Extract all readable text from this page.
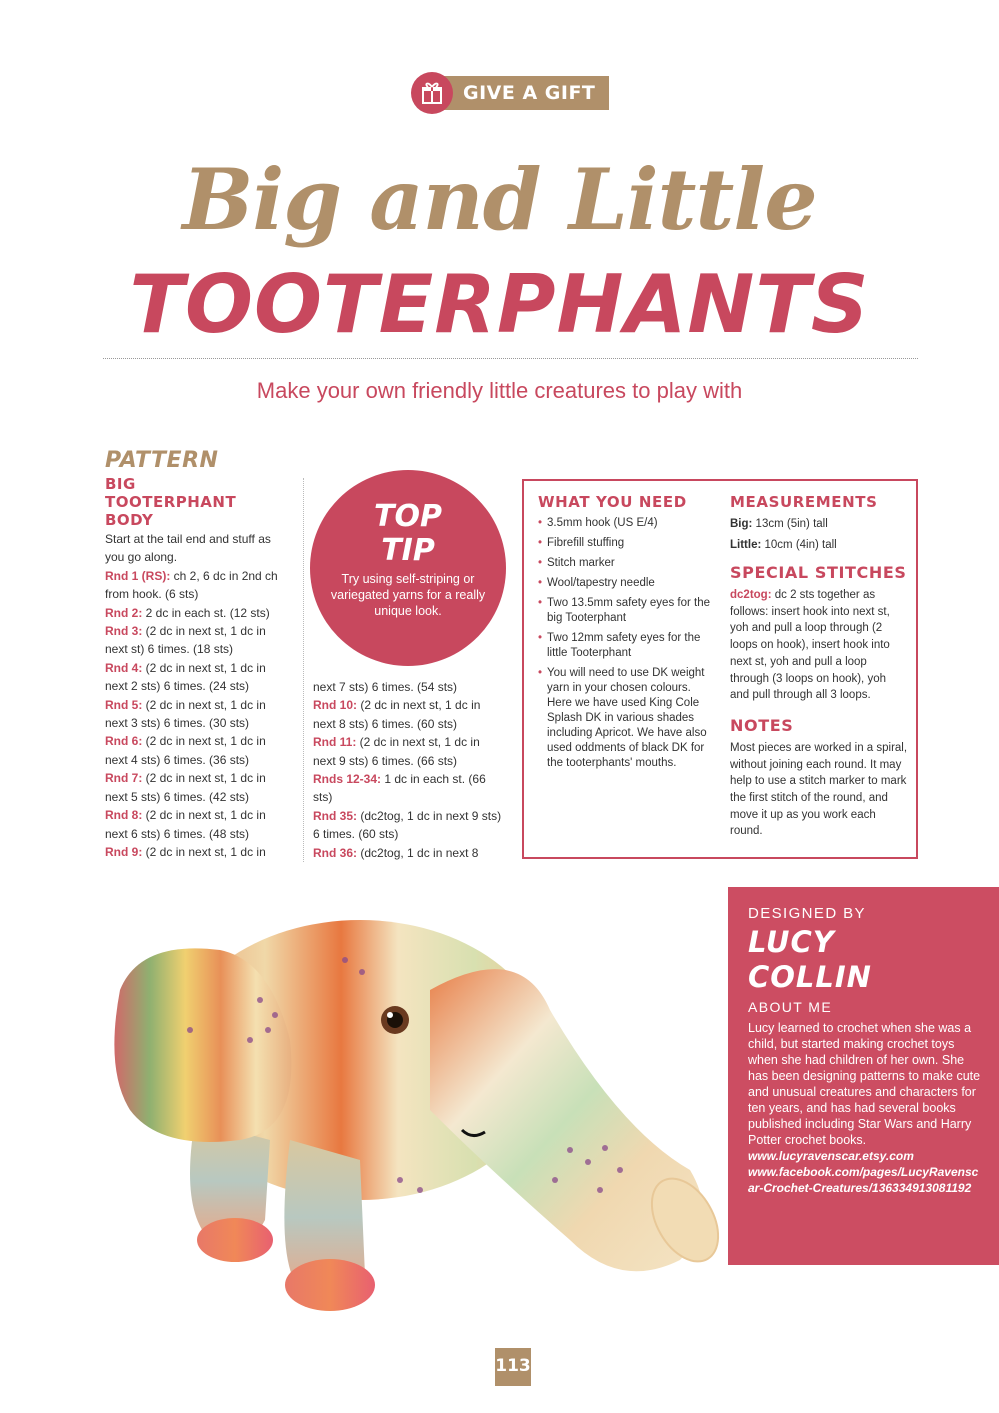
GIVE A GIFT
Big and Little
TOOTERPHANTS
Make your own friendly little creatures to play with
PATTERN
BIG
TOOTERPHANT
BODY

Start at the tail end and stuff as you go along.

Rnd 1 (RS): ch 2, 6 dc in 2nd ch from hook. (6 sts)

Rnd 2: 2 dc in each st. (12 sts)

Rnd 3: (2 dc in next st, 1 dc in next st) 6 times. (18 sts)

Rnd 4: (2 dc in next st, 1 dc in next 2 sts) 6 times. (24 sts)

Rnd 5: (2 dc in next st, 1 dc in next 3 sts) 6 times. (30 sts)

Rnd 6: (2 dc in next st, 1 dc in next 4 sts) 6 times. (36 sts)

Rnd 7: (2 dc in next st, 1 dc in next 5 sts) 6 times. (42 sts)

Rnd 8: (2 dc in next st, 1 dc in next 6 sts) 6 times. (48 sts)

Rnd 9: (2 dc in next st, 1 dc in

TOP
TIP
Try using self-striping or variegated yarns for a really unique look.

next 7 sts) 6 times. (54 sts)

Rnd 10: (2 dc in next st, 1 dc in next 8 sts) 6 times. (60 sts)

Rnd 11: (2 dc in next st, 1 dc in next 9 sts) 6 times. (66 sts)

Rnds 12-34: 1 dc in each st. (66 sts)

Rnd 35: (dc2tog, 1 dc in next 9 sts) 6 times. (60 sts)

Rnd 36: (dc2tog, 1 dc in next 8

WHAT YOU NEED
• 3.5mm hook (US E/4)
• Fibrefill stuffing
• Stitch marker
• Wool/tapestry needle
• Two 13.5mm safety eyes for the big Tooterphant
• Two 12mm safety eyes for the little Tooterphant
• You will need to use DK weight yarn in your chosen colours. Here we have used King Cole Splash DK in various shades including Apricot. We have also used oddments of black DK for the tooterphants' mouths.
MEASUREMENTS

Big: 13cm (5in) tall

Little: 10cm (4in) tall

SPECIAL STITCHES
dc2tog: dc 2 sts together as follows: insert hook into next st, yoh and pull a loop through (2 loops on hook), insert hook into next st, yoh and pull a loop through (3 loops on hook), yoh and pull through all 3 loops.
NOTES
Most pieces are worked in a spiral, without joining each round. It may help to use a stitch marker to mark the first stitch of the round, and move it up as you work each round.
DESIGNED BY
LUCY
COLLIN
ABOUT ME
Lucy learned to crochet when she was a child, but started making crochet toys when she had children of her own. She has been designing patterns to make cute and unusual creatures and characters for ten years, and has had several books published including Star Wars and Harry Potter crochet books.
www.lucyravenscar.etsy.com
www.facebook.com/pages/LucyRavenscar-Crochet-Creatures/136334913081192
113
